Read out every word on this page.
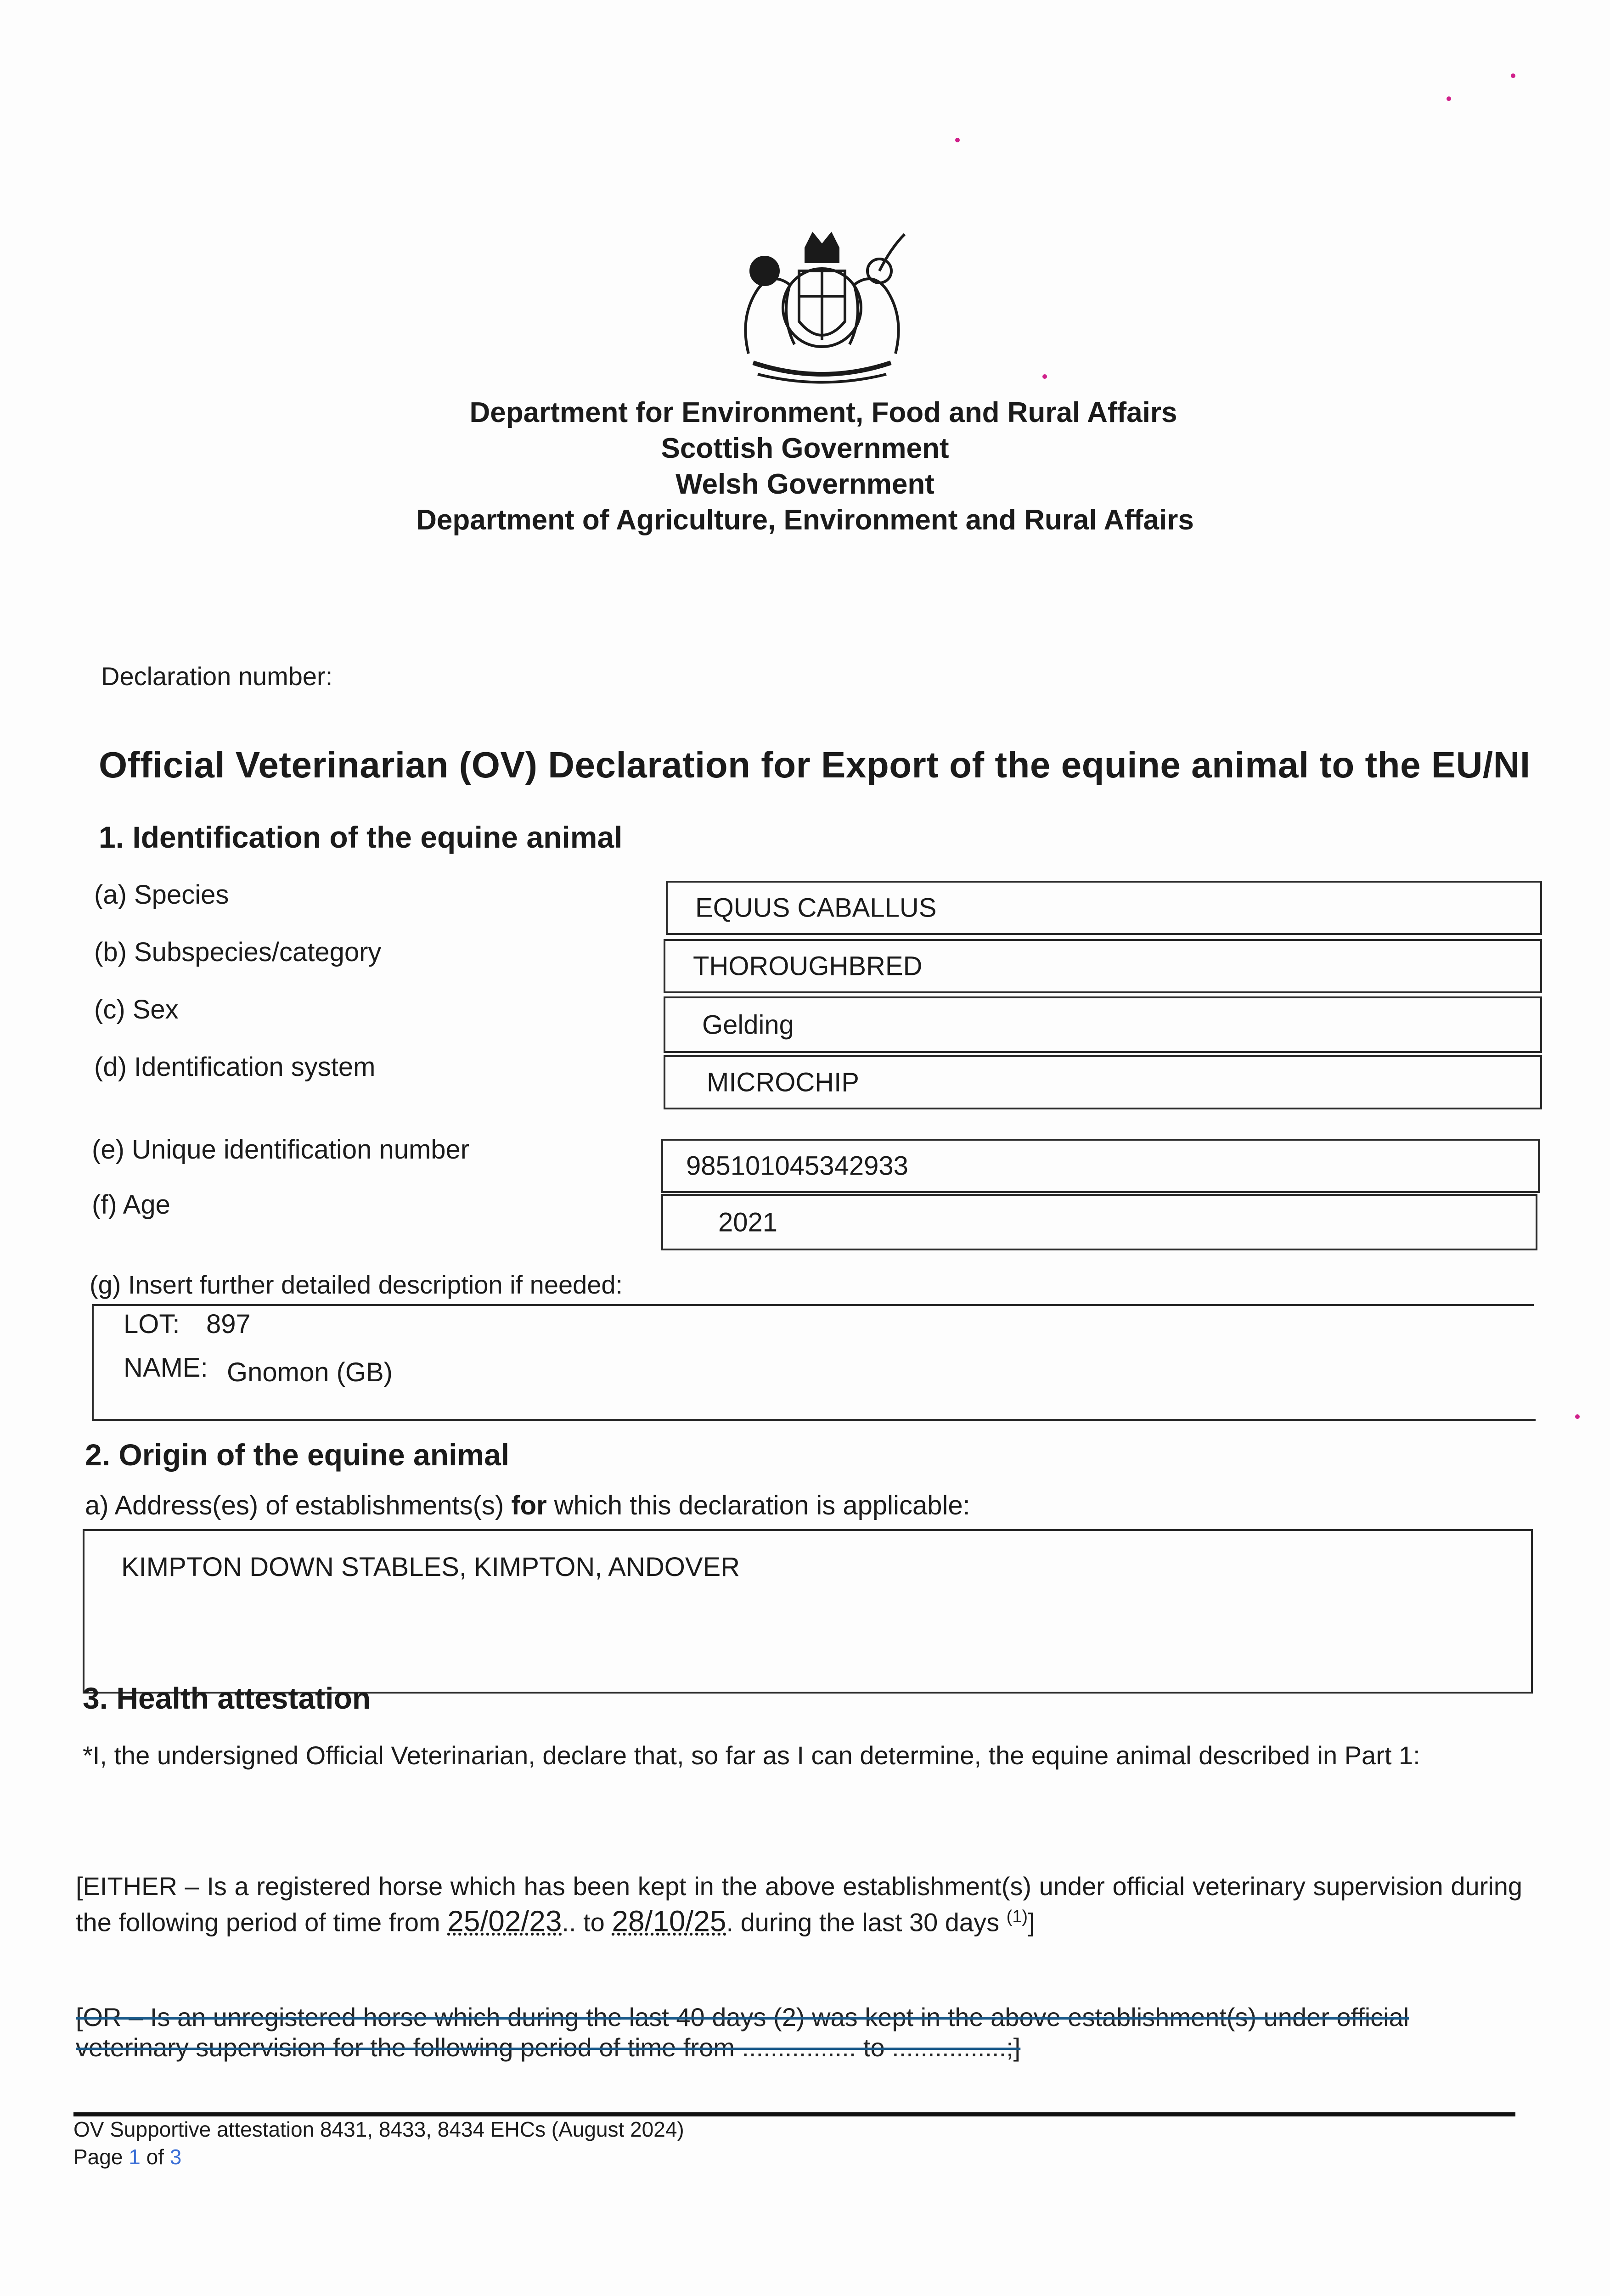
Department for Environment, Food and Rural Affairs
Scottish Government
Welsh Government
Department of Agriculture, Environment and Rural Affairs
Declaration number:
Official Veterinarian (OV) Declaration for Export of the equine animal to the EU/NI
1. Identification of the equine animal
(a) Species	EQUUS CABALLUS
(b) Subspecies/category	THOROUGHBRED
(c) Sex
Gelding
(d) Identification system
MICROCHIP
(e) Unique identification number
985101045342933
(f) Age
2021
(g) Insert further detailed description if needed:
LOT: 897
NAME: Gnomon (GB)
2. Origin of the equine animal
a) Address(es) of establishments(s) for which this declaration is applicable:
KIMPTON DOWN STABLES, KIMPTON, ANDOVER
3. Health attestation
*I, the undersigned Official Veterinarian, declare that, so far as I can determine, the equine animal described in Part 1:
[EITHER – Is a registered horse which has been kept in the above establishment(s) under official veterinary supervision during the following period of time from 25/02/23.. to 28/10/25. during the last 30 days $^{(1)}$]
[OR – Is an unregistered horse which during the last 40 days (2) was kept in the above establishment(s) under official veterinary supervision for the following period of time from ................ to ................;]
OV Supportive attestation 8431, 8433, 8434 EHCs (August 2024)
Page 1 of 3
